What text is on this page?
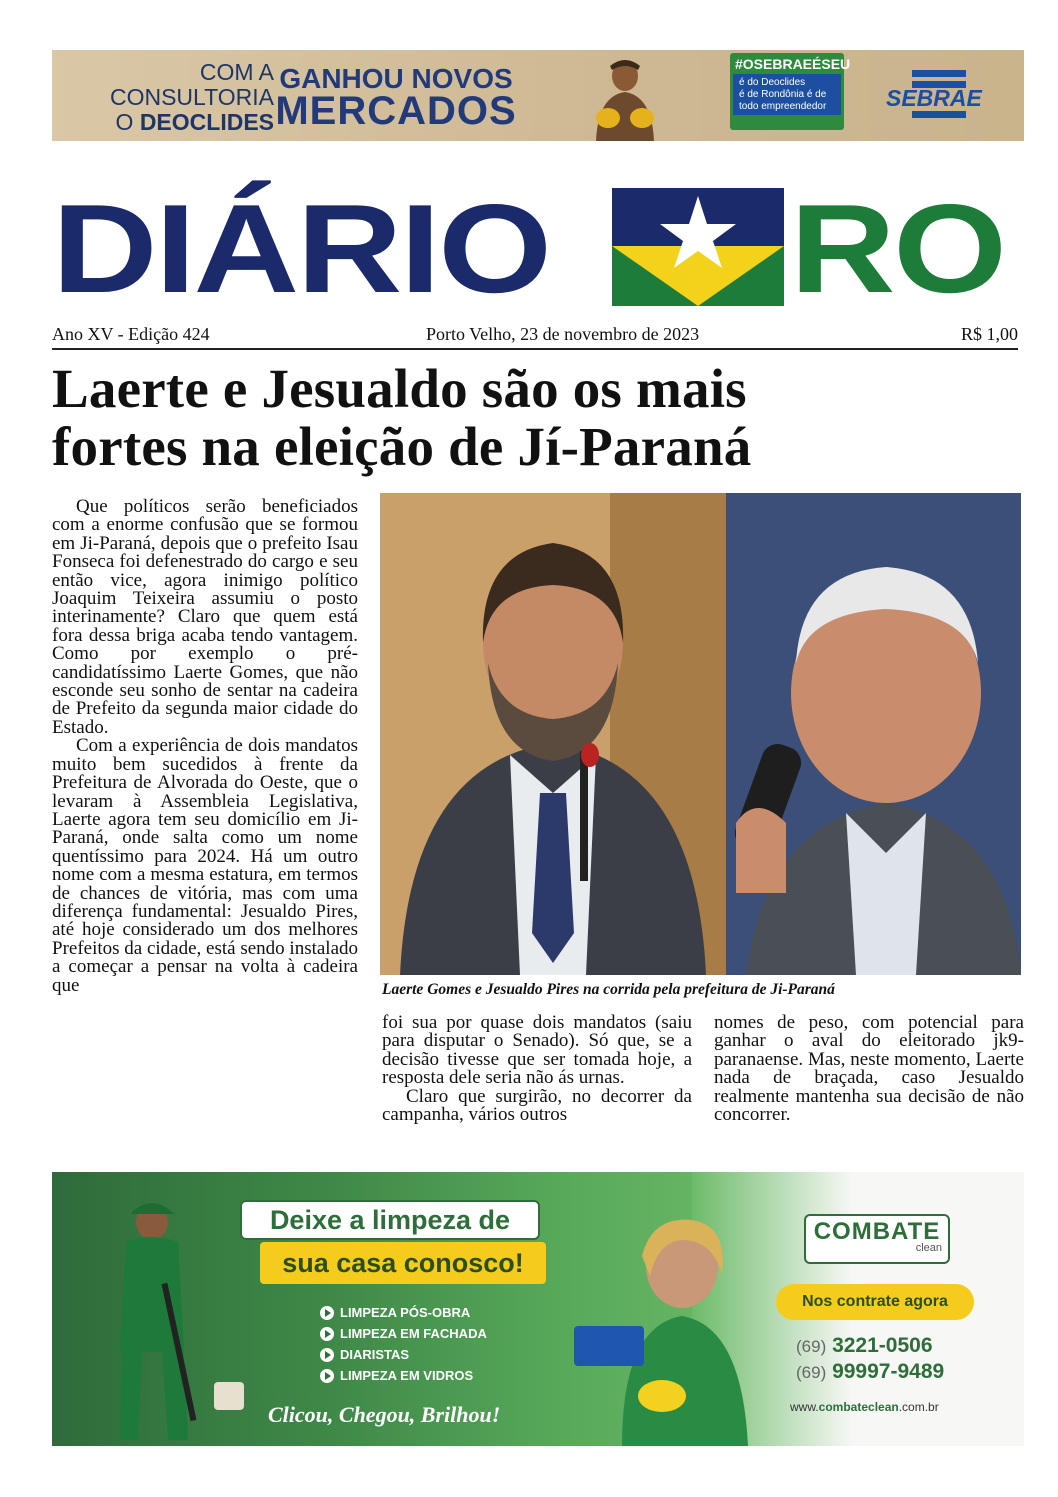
COM A
CONSULTORIA
O DEOCLIDES
GANHOU NOVOS
MERCADOS
#OSEBRAEÉSEU
é do Deoclides
é de Rondônia é de
todo empreendedor	SEBRAE
DIÁRIO RO
Ano XV - Edição 424	Porto Velho, 23 de novembro de 2023	R$ 1,00
Laerte e Jesualdo são os mais
fortes na eleição de Jí-Paraná

Que políticos serão beneficiados com a enorme confusão que se formou em Ji-Paraná, depois que o prefeito Isau Fonseca foi defenestrado do cargo e seu então vice, agora inimigo político Joaquim Teixeira assumiu o posto interinamente? Claro que quem está fora dessa briga acaba tendo vantagem. Como por exemplo o pré-candidatíssimo Laerte Gomes, que não esconde seu sonho de sentar na cadeira de Prefeito da segunda maior cidade do Estado.

Com a experiência de dois mandatos muito bem sucedidos à frente da Prefeitura de Alvorada do Oeste, que o levaram à Assembleia Legislativa, Laerte agora tem seu domicílio em Ji-Paraná, onde salta como um nome quentíssimo para 2024. Há um outro nome com a mesma estatura, em termos de chances de vitória, mas com uma diferença fundamental: Jesualdo Pires, até hoje considerado um dos melhores Prefeitos da cidade, está sendo instalado a começar a pensar na volta à cadeira que	Laerte Gomes e Jesualdo Pires na corrida pela prefeitura de Ji-Paraná

foi sua por quase dois mandatos (saiu para disputar o Senado). Só que, se a decisão tivesse que ser tomada hoje, a resposta dele seria não ás urnas.

Claro que surgirão, no decorrer da campanha, vários outros

nomes de peso, com potencial para ganhar o aval do eleitorado jk9-paranaense. Mas, neste momento, Laerte nada de braçada, caso Jesualdo realmente mantenha sua decisão de não concorrer.

Deixe a limpeza de
sua casa conosco!
LIMPEZA PÓS-OBRA
LIMPEZA EM FACHADA
DIARISTAS
LIMPEZA EM VIDROS
Clicou, Chegou, Brilhou!
COMBATE
clean
Nos contrate agora
(69) 3221-0506
(69) 99997-9489
www.combateclean.com.br
